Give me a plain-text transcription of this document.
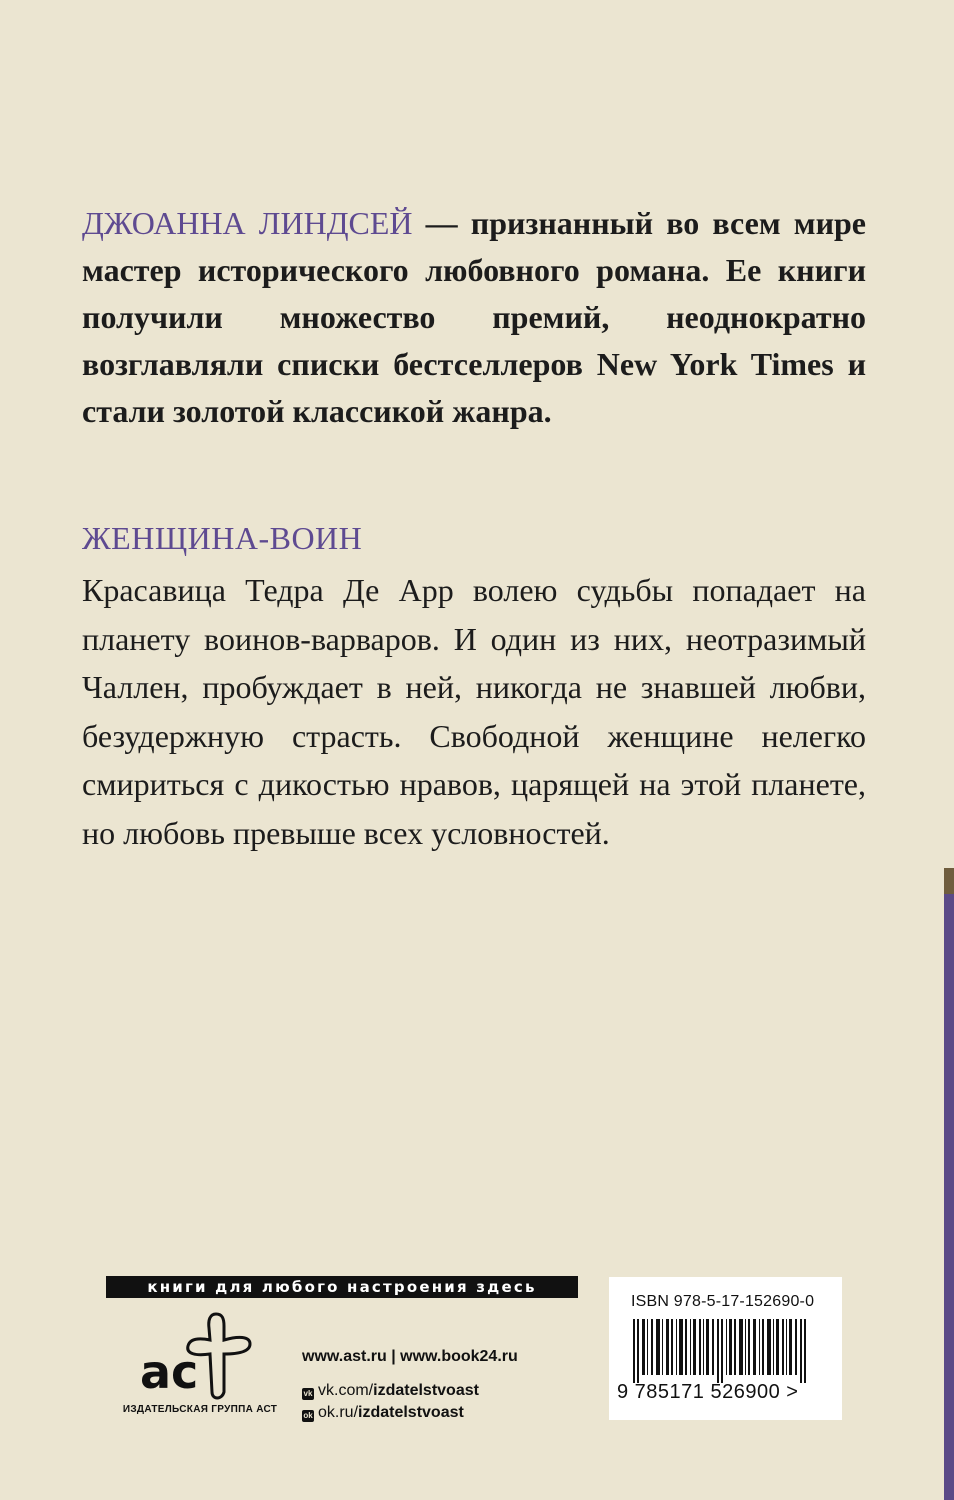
ДЖОАННА ЛИНДСЕЙ — признанный во всем мире мастер исторического любовного романа. Ее книги получили множество премий, неоднократно возглавляли списки бестселлеров New York Times и стали золотой классикой жанра.
ЖЕНЩИНА-ВОИН
Красавица Тедра Де Арр волею судьбы попадает на планету воинов-варваров. И один из них, неотразимый Чаллен, пробуждает в ней, никогда не знавшей любви, безудержную страсть. Свободной женщине нелегко смириться с дикостью нравов, царящей на этой планете, но любовь превыше всех условностей.
книги для любого настроения здесь
ас
ИЗДАТЕЛЬСКАЯ ГРУППА АСТ
www.ast.ru | www.book24.ru
vk vk.com/izdatelstvoast
ok ok.ru/izdatelstvoast
ISBN 978-5-17-152690-0
9 785171 526900 >
